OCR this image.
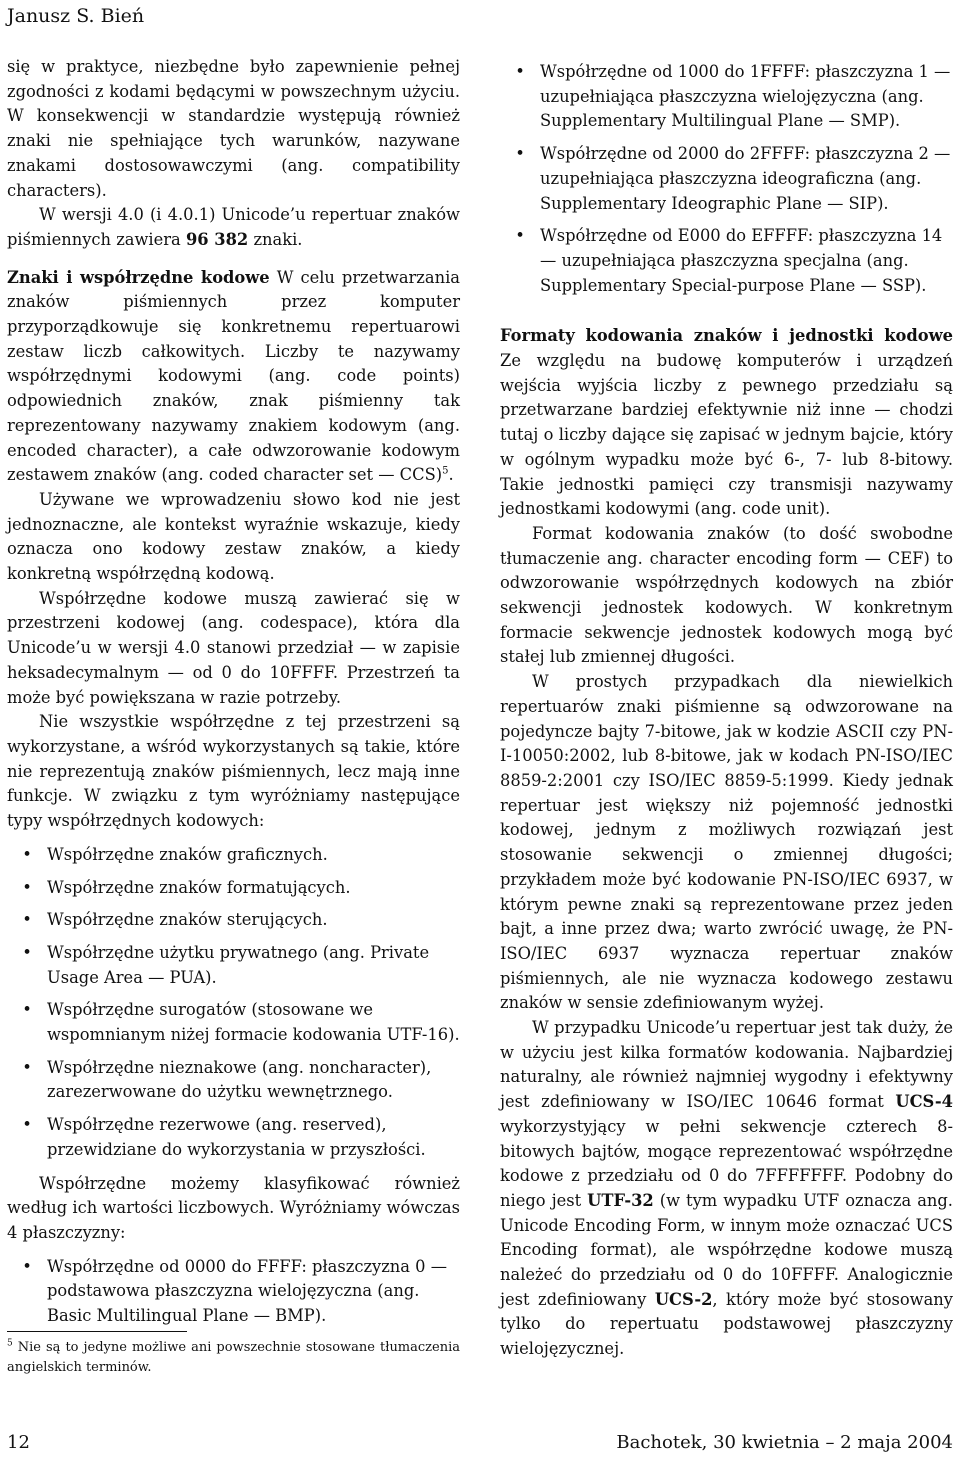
Janusz S. Bień

się w praktyce, niezbędne było zapewnienie pełnej zgodności z kodami będącymi w powszechnym użyciu. W konsekwencji w standardzie występują również znaki nie spełniające tych warunków, nazywane znakami dostosowawczymi (ang. compatibility characters).

W wersji 4.0 (i 4.0.1) Unicode’u repertuar znaków piśmiennych zawiera 96 382 znaki.

Znaki i współrzędne kodowe W celu przetwarzania znaków piśmiennych przez komputer przyporządkowuje się konkretnemu repertuarowi zestaw liczb całkowitych. Liczby te nazywamy współrzędnymi kodowymi (ang. code points) odpowiednich znaków, znak piśmienny tak reprezentowany nazywamy znakiem kodowym (ang. encoded character), a całe odwzorowanie kodowym zestawem znaków (ang. coded character set — CCS)$^5$.

Używane we wprowadzeniu słowo kod nie jest jednoznaczne, ale kontekst wyraźnie wskazuje, kiedy oznacza ono kodowy zestaw znaków, a kiedy konkretną współrzędną kodową.

Współrzędne kodowe muszą zawierać się w przestrzeni kodowej (ang. codespace), która dla Unicode’u w wersji 4.0 stanowi przedział — w zapisie heksadecymalnym — od 0 do 10FFFF. Przestrzeń ta może być powiększana w razie potrzeby.

Nie wszystkie współrzędne z tej przestrzeni są wykorzystane, a wśród wykorzystanych są takie, które nie reprezentują znaków piśmiennych, lecz mają inne funkcje. W związku z tym wyróżniamy następujące typy współrzędnych kodowych:

• Współrzędne znaków graficznych.
• Współrzędne znaków formatujących.
• Współrzędne znaków sterujących.
• Współrzędne użytku prywatnego (ang. Private Usage Area — PUA).
• Współrzędne surogatów (stosowane we wspomnianym niżej formacie kodowania UTF-16).
• Współrzędne nieznakowe (ang. noncharacter), zarezerwowane do użytku wewnętrznego.
• Współrzędne rezerwowe (ang. reserved), przewidziane do wykorzystania w przyszłości.

Współrzędne możemy klasyfikować również według ich wartości liczbowych. Wyróżniamy wówczas 4 płaszczyzny:

• Współrzędne od 0000 do FFFF: płaszczyzna 0 — podstawowa płaszczyzna wielojęzyczna (ang. Basic Multilingual Plane — BMP).
$^5$ Nie są to jedyne możliwe ani powszechnie stosowane tłumaczenia angielskich terminów.
• Współrzędne od 1000 do 1FFFF: płaszczyzna 1 — uzupełniająca płaszczyzna wielojęzyczna (ang. Supplementary Multilingual Plane — SMP).
• Współrzędne od 2000 do 2FFFF: płaszczyzna 2 — uzupełniająca płaszczyzna ideograficzna (ang. Supplementary Ideographic Plane — SIP).
• Współrzędne od E000 do EFFFF: płaszczyzna 14 — uzupełniająca płaszczyzna specjalna (ang. Supplementary Special-purpose Plane — SSP).

Formaty kodowania znaków i jednostki kodowe Ze względu na budowę komputerów i urządzeń wejścia wyjścia liczby z pewnego przedziału są przetwarzane bardziej efektywnie niż inne — chodzi tutaj o liczby dające się zapisać w jednym bajcie, który w ogólnym wypadku może być 6-, 7- lub 8-bitowy. Takie jednostki pamięci czy transmisji nazywamy jednostkami kodowymi (ang. code unit).

Format kodowania znaków (to dość swobodne tłumaczenie ang. character encoding form — CEF) to odwzorowanie współrzędnych kodowych na zbiór sekwencji jednostek kodowych. W konkretnym formacie sekwencje jednostek kodowych mogą być stałej lub zmiennej długości.

W prostych przypadkach dla niewielkich repertuarów znaki piśmienne są odwzorowane na pojedyncze bajty 7-bitowe, jak w kodzie ASCII czy PN-I-10050:2002, lub 8-bitowe, jak w kodach PN-ISO/IEC 8859-2:2001 czy ISO/IEC 8859-5:1999. Kiedy jednak repertuar jest większy niż pojemność jednostki kodowej, jednym z możliwych rozwiązań jest stosowanie sekwencji o zmiennej długości; przykładem może być kodowanie PN-ISO/IEC 6937, w którym pewne znaki są reprezentowane przez jeden bajt, a inne przez dwa; warto zwrócić uwagę, że PN-ISO/IEC 6937 wyznacza repertuar znaków piśmiennych, ale nie wyznacza kodowego zestawu znaków w sensie zdefiniowanym wyżej.

W przypadku Unicode’u repertuar jest tak duży, że w użyciu jest kilka formatów kodowania. Najbardziej naturalny, ale również najmniej wygodny i efektywny jest zdefiniowany w ISO/IEC 10646 format UCS-4 wykorzystyjący w pełni sekwencje czterech 8-bitowych bajtów, mogące reprezentować współrzędne kodowe z przedziału od 0 do 7FFFFFFF. Podobny do niego jest UTF-32 (w tym wypadku UTF oznacza ang. Unicode Encoding Form, w innym może oznaczać UCS Encoding format), ale współrzędne kodowe muszą należeć do przedziału od 0 do 10FFFF. Analogicznie jest zdefiniowany UCS-2, który może być stosowany tylko do repertuatu podstawowej płaszczyzny wielojęzycznej.

12	Bachotek, 30 kwietnia – 2 maja 2004
